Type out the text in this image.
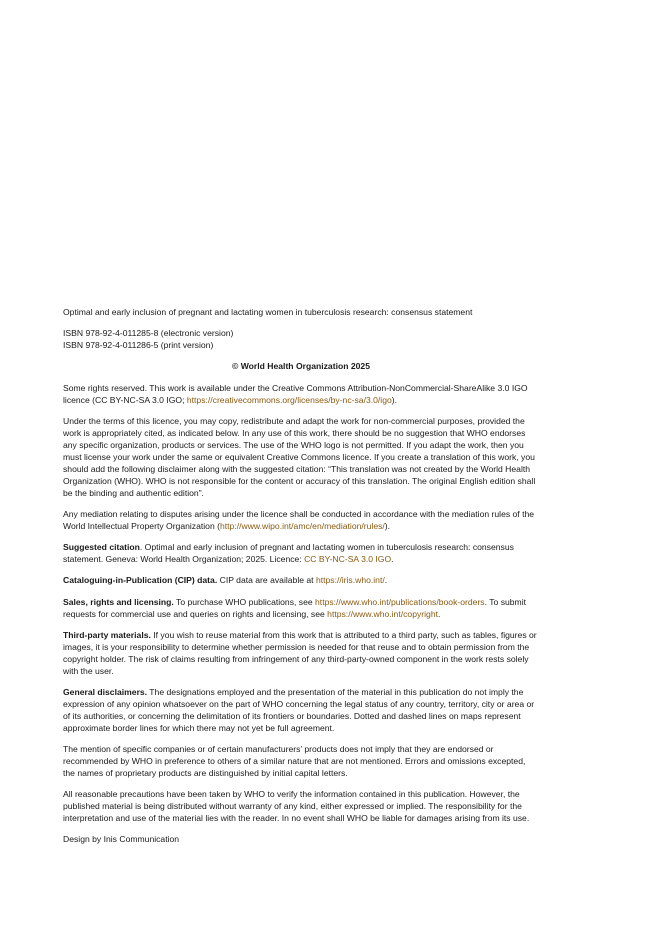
Optimal and early inclusion of pregnant and lactating women in tuberculosis research: consensus statement

ISBN 978-92-4-011285-8 (electronic version)
ISBN 978-92-4-011286-5 (print version)

© World Health Organization 2025

Some rights reserved. This work is available under the Creative Commons Attribution-NonCommercial-ShareAlike 3.0 IGO licence (CC BY-NC-SA 3.0 IGO; https://creativecommons.org/licenses/by-nc-sa/3.0/igo).

Under the terms of this licence, you may copy, redistribute and adapt the work for non-commercial purposes, provided the work is appropriately cited, as indicated below. In any use of this work, there should be no suggestion that WHO endorses any specific organization, products or services. The use of the WHO logo is not permitted. If you adapt the work, then you must license your work under the same or equivalent Creative Commons licence. If you create a translation of this work, you should add the following disclaimer along with the suggested citation: “This translation was not created by the World Health Organization (WHO). WHO is not responsible for the content or accuracy of this translation. The original English edition shall be the binding and authentic edition”.

Any mediation relating to disputes arising under the licence shall be conducted in accordance with the mediation rules of the World Intellectual Property Organization (http://www.wipo.int/amc/en/mediation/rules/).

Suggested citation. Optimal and early inclusion of pregnant and lactating women in tuberculosis research: consensus statement. Geneva: World Health Organization; 2025. Licence: CC BY-NC-SA 3.0 IGO.

Cataloguing-in-Publication (CIP) data. CIP data are available at https://iris.who.int/.

Sales, rights and licensing. To purchase WHO publications, see https://www.who.int/publications/book-orders. To submit requests for commercial use and queries on rights and licensing, see https://www.who.int/copyright.

Third-party materials. If you wish to reuse material from this work that is attributed to a third party, such as tables, figures or images, it is your responsibility to determine whether permission is needed for that reuse and to obtain permission from the copyright holder. The risk of claims resulting from infringement of any third-party-owned component in the work rests solely with the user.

General disclaimers. The designations employed and the presentation of the material in this publication do not imply the expression of any opinion whatsoever on the part of WHO concerning the legal status of any country, territory, city or area or of its authorities, or concerning the delimitation of its frontiers or boundaries. Dotted and dashed lines on maps represent approximate border lines for which there may not yet be full agreement.

The mention of specific companies or of certain manufacturers’ products does not imply that they are endorsed or recommended by WHO in preference to others of a similar nature that are not mentioned. Errors and omissions excepted, the names of proprietary products are distinguished by initial capital letters.

All reasonable precautions have been taken by WHO to verify the information contained in this publication. However, the published material is being distributed without warranty of any kind, either expressed or implied. The responsibility for the interpretation and use of the material lies with the reader. In no event shall WHO be liable for damages arising from its use.

Design by Inis Communication
